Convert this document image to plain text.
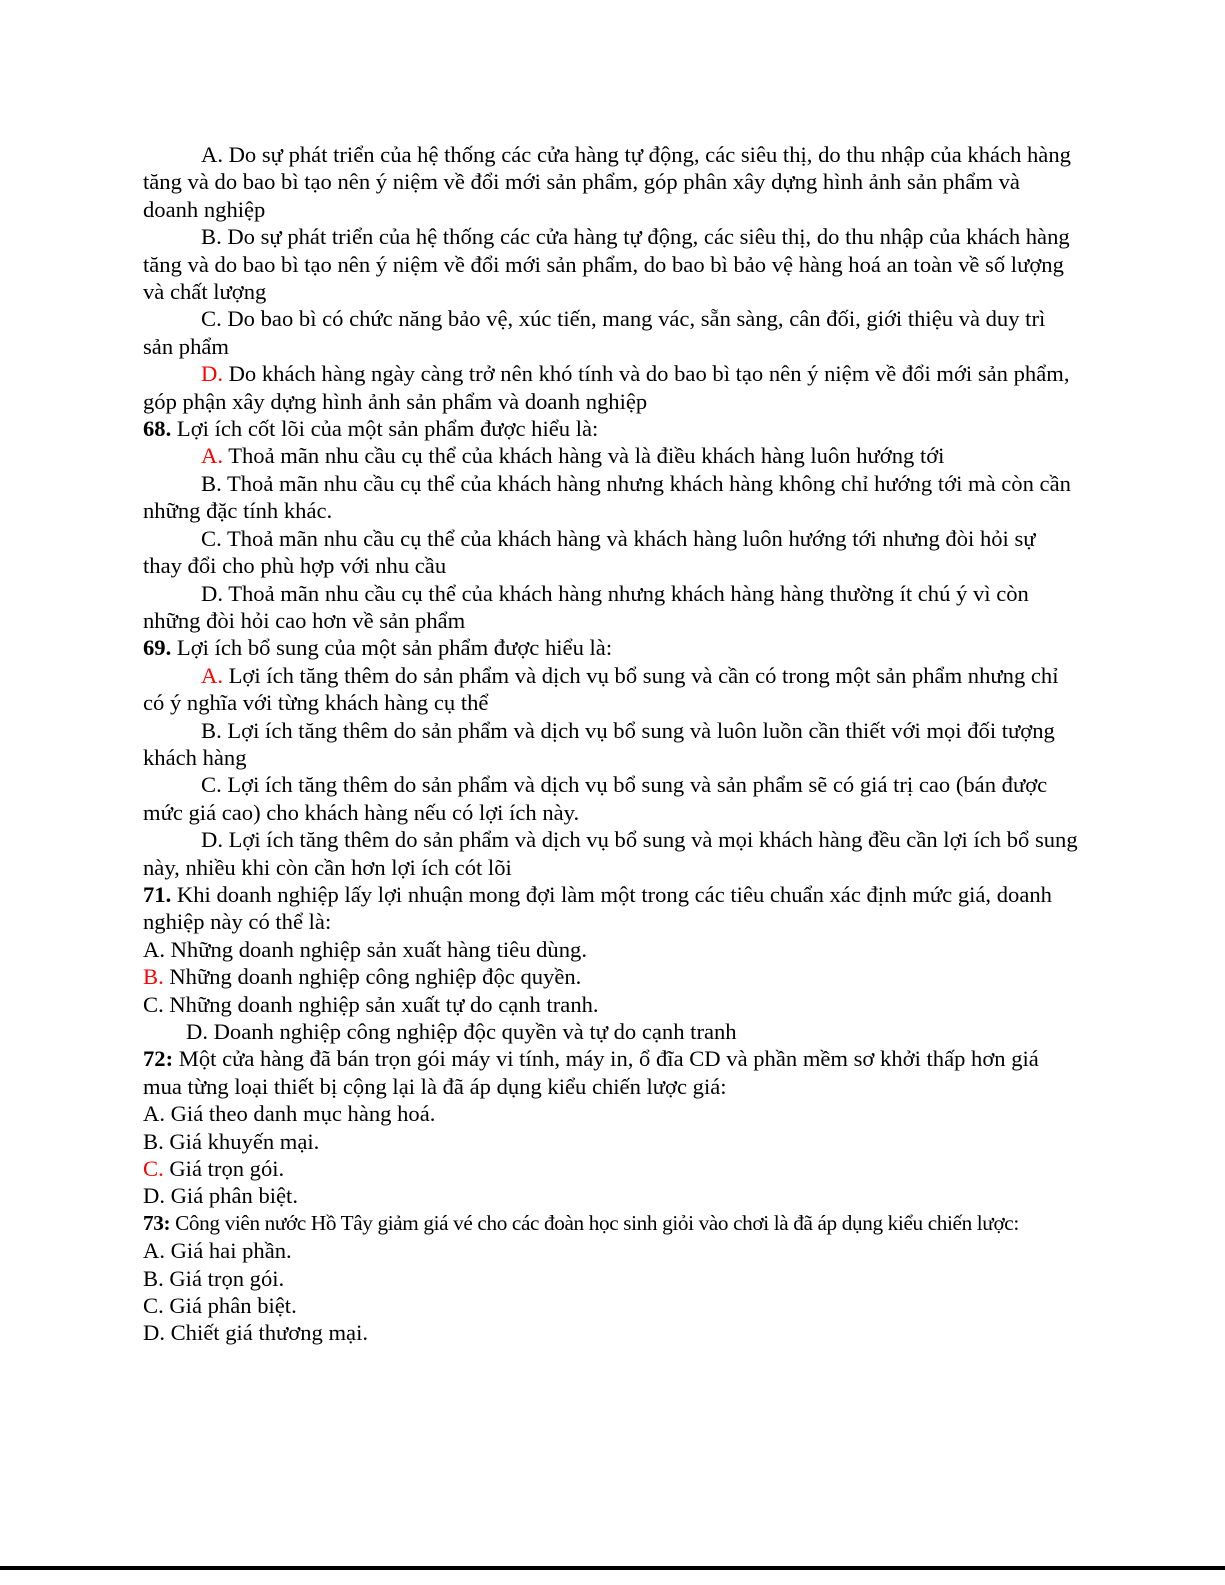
A. Do sự phát triển của hệ thống các cửa hàng tự động, các siêu thị, do thu nhập của khách hàng tăng và do bao bì tạo nên ý niệm về đổi mới sản phẩm, góp phân xây dựng hình ảnh sản phẩm và doanh nghiệp

B. Do sự phát triển của hệ thống các cửa hàng tự động, các siêu thị, do thu nhập của khách hàng tăng và do bao bì tạo nên ý niệm về đổi mới sản phẩm, do bao bì bảo vệ hàng hoá an toàn về số lượng và chất lượng

C. Do bao bì có chức năng bảo vệ, xúc tiến, mang vác, sẵn sàng, cân đối, giới thiệu và duy trì sản phẩm

D. Do khách hàng ngày càng trở nên khó tính và do bao bì tạo nên ý niệm về đổi mới sản phẩm, góp phận xây dựng hình ảnh sản phẩm và doanh nghiệp

68. Lợi ích cốt lõi của một sản phẩm được hiểu là:

A. Thoả mãn nhu cầu cụ thể của khách hàng và là điều khách hàng luôn hướng tới

B. Thoả mãn nhu cầu cụ thể của khách hàng nhưng khách hàng không chỉ hướng tới mà còn cần những đặc tính khác.

C. Thoả mãn nhu cầu cụ thể của khách hàng và khách hàng luôn hướng tới nhưng đòi hỏi sự thay đổi cho phù hợp với nhu cầu

D. Thoả mãn nhu cầu cụ thể của khách hàng nhưng khách hàng hàng thường ít chú ý vì còn những đòi hỏi cao hơn về sản phẩm

69. Lợi ích bổ sung của một sản phẩm được hiểu là:

A. Lợi ích tăng thêm do sản phẩm và dịch vụ bổ sung và cần có trong một sản phẩm nhưng chỉ có ý nghĩa với từng khách hàng cụ thể

B. Lợi ích tăng thêm do sản phẩm và dịch vụ bổ sung và luôn luồn cần thiết với mọi đối tượng khách hàng

C. Lợi ích tăng thêm do sản phẩm và dịch vụ bổ sung và sản phẩm sẽ có giá trị cao (bán được mức giá cao) cho khách hàng nếu có lợi ích này.

D. Lợi ích tăng thêm do sản phẩm và dịch vụ bổ sung và mọi khách hàng đều cần lợi ích bổ sung này, nhiều khi còn cần hơn lợi ích cót lõi

71. Khi doanh nghiệp lấy lợi nhuận mong đợi làm một trong các tiêu chuẩn xác định mức giá, doanh nghiệp này có thể là:

A. Những doanh nghiệp sản xuất hàng tiêu dùng.

B. Những doanh nghiệp công nghiệp độc quyền.

C. Những doanh nghiệp sản xuất tự do cạnh tranh.

D. Doanh nghiệp công nghiệp độc quyền và tự do cạnh tranh

72: Một cửa hàng đã bán trọn gói máy vi tính, máy in, ổ đĩa CD và phần mềm sơ khởi thấp hơn giá mua từng loại thiết bị cộng lại là đã áp dụng kiểu chiến lược giá:

A. Giá theo danh mục hàng hoá.

B. Giá khuyến mại.

C. Giá trọn gói.

D. Giá phân biệt.

73: Công viên nước Hồ Tây giảm giá vé cho các đoàn học sinh giỏi vào chơi là đã áp dụng kiểu chiến lược:

A. Giá hai phần.

B. Giá trọn gói.

C. Giá phân biệt.

D. Chiết giá thương mại.
